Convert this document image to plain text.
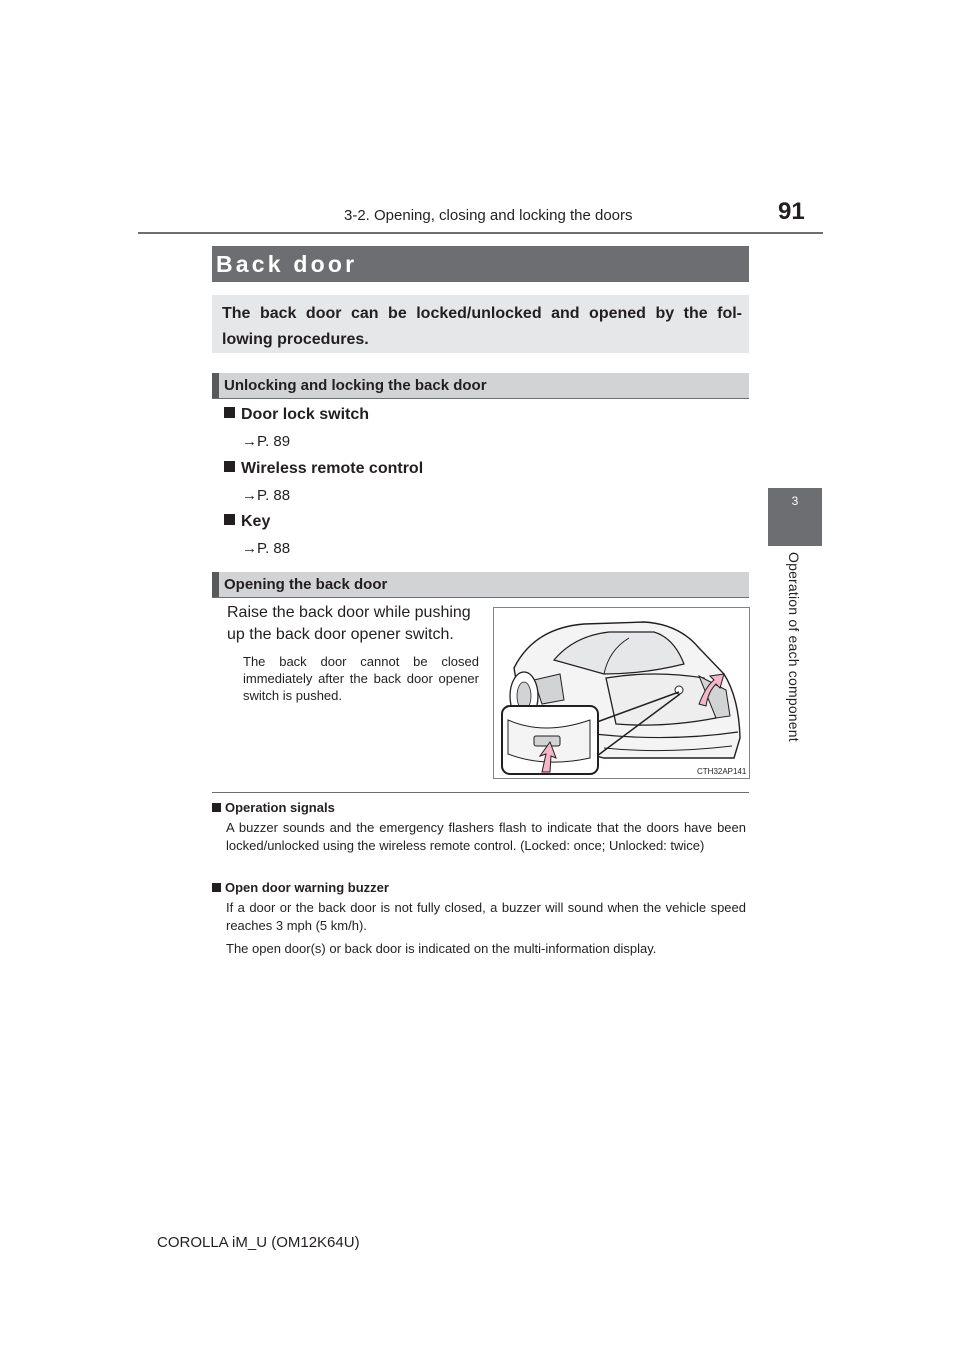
3-2. Opening, closing and locking the doors	91
3
Operation of each component
Back door
The back door can be locked/unlocked and opened by the fol- lowing procedures.
Unlocking and locking the back door
Door lock switch
→P. 89
Wireless remote control
→P. 88
Key
→P. 88
Opening the back door
Raise the back door while pushing up the back door opener switch.
The back door cannot be closed immediately after the back door opener switch is pushed.
CTH32AP141
Operation signals
A buzzer sounds and the emergency flashers flash to indicate that the doors have been locked/unlocked using the wireless remote control. (Locked: once; Unlocked: twice)
Open door warning buzzer
If a door or the back door is not fully closed, a buzzer will sound when the vehicle speed reaches 3 mph (5 km/h).
The open door(s) or back door is indicated on the multi-information display.
COROLLA iM_U (OM12K64U)
